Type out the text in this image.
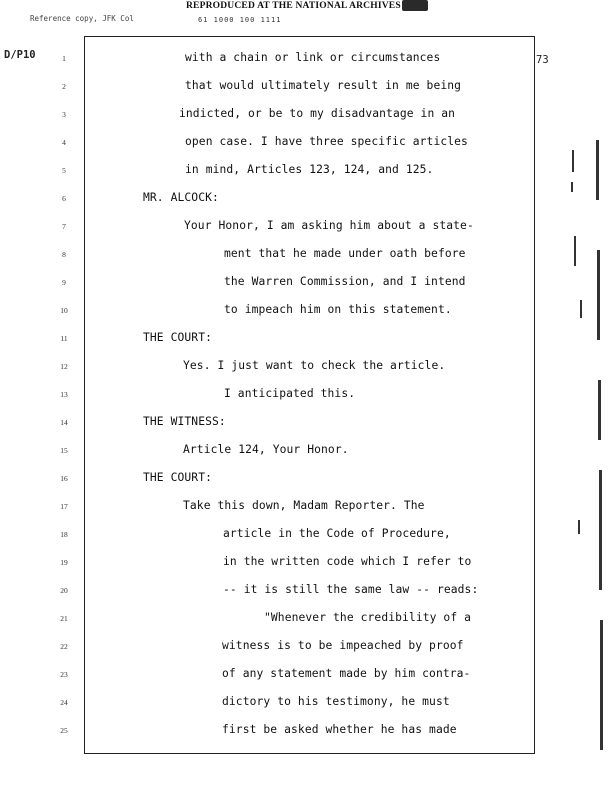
REPRODUCED AT THE NATIONAL ARCHIVES
61 1000 100 1111
Reference copy, JFK Col
D/P10	73
1	with a chain or link or circumstances
2	that would ultimately result in me being
3	indicted, or be to my disadvantage in an
4	open case. I have three specific articles
5	in mind, Articles 123, 124, and 125.
6	MR. ALCOCK:
7	Your Honor, I am asking him about a state-
8	ment that he made under oath before
9	the Warren Commission, and I intend
10	to impeach him on this statement.
11	THE COURT:
12	Yes. I just want to check the article.
13	I anticipated this.
14	THE WITNESS:
15	Article 124, Your Honor.
16	THE COURT:
17	Take this down, Madam Reporter. The
18	article in the Code of Procedure,
19	in the written code which I refer to
20	-- it is still the same law -- reads:
21	"Whenever the credibility of a
22	witness is to be impeached by proof
23	of any statement made by him contra-
24	dictory to his testimony, he must
25	first be asked whether he has made
